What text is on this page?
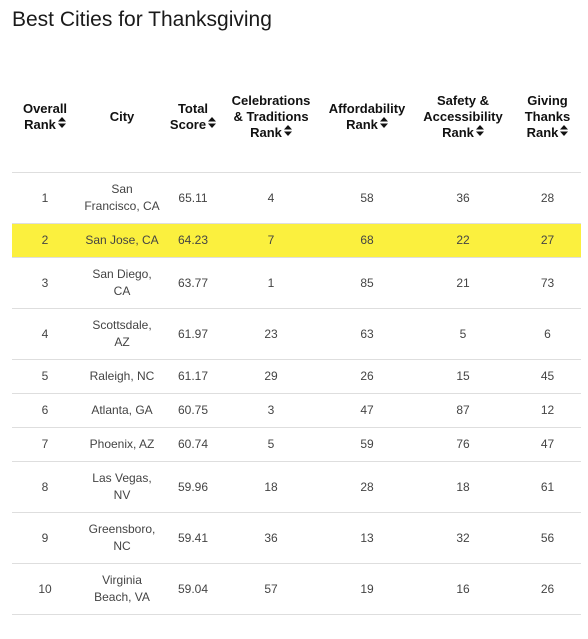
Best Cities for Thanksgiving
Overall
Rank	City	Total
Score	Celebrations
& Traditions
Rank	Affordability
Rank	Safety &
Accessibility
Rank	Giving
Thanks
Rank

1	San Francisco, CA	65.11	4	58	36	28
2	San Jose, CA	64.23	7	68	22	27
3	San Diego, CA	63.77	1	85	21	73
4	Scottsdale, AZ	61.97	23	63	5	6
5	Raleigh, NC	61.17	29	26	15	45
6	Atlanta, GA	60.75	3	47	87	12
7	Phoenix, AZ	60.74	5	59	76	47
8	Las Vegas, NV	59.96	18	28	18	61
9	Greensboro, NC	59.41	36	13	32	56
10	Virginia Beach, VA	59.04	57	19	16	26
